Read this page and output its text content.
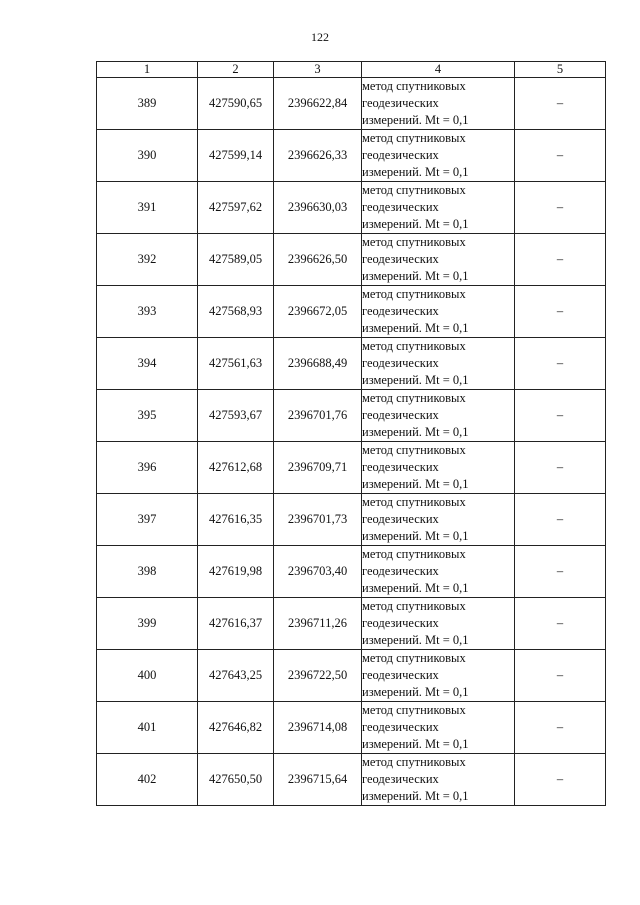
122
1	2	3	4	5
389	427590,65	2396622,84	метод спутниковых
геодезических
измерений. Mt = 0,1	–
390	427599,14	2396626,33	метод спутниковых
геодезических
измерений. Mt = 0,1	–
391	427597,62	2396630,03	метод спутниковых
геодезических
измерений. Mt = 0,1	–
392	427589,05	2396626,50	метод спутниковых
геодезических
измерений. Mt = 0,1	–
393	427568,93	2396672,05	метод спутниковых
геодезических
измерений. Mt = 0,1	–
394	427561,63	2396688,49	метод спутниковых
геодезических
измерений. Mt = 0,1	–
395	427593,67	2396701,76	метод спутниковых
геодезических
измерений. Mt = 0,1	–
396	427612,68	2396709,71	метод спутниковых
геодезических
измерений. Mt = 0,1	–
397	427616,35	2396701,73	метод спутниковых
геодезических
измерений. Mt = 0,1	–
398	427619,98	2396703,40	метод спутниковых
геодезических
измерений. Mt = 0,1	–
399	427616,37	2396711,26	метод спутниковых
геодезических
измерений. Mt = 0,1	–
400	427643,25	2396722,50	метод спутниковых
геодезических
измерений. Mt = 0,1	–
401	427646,82	2396714,08	метод спутниковых
геодезических
измерений. Mt = 0,1	–
402	427650,50	2396715,64	метод спутниковых
геодезических
измерений. Mt = 0,1	–
